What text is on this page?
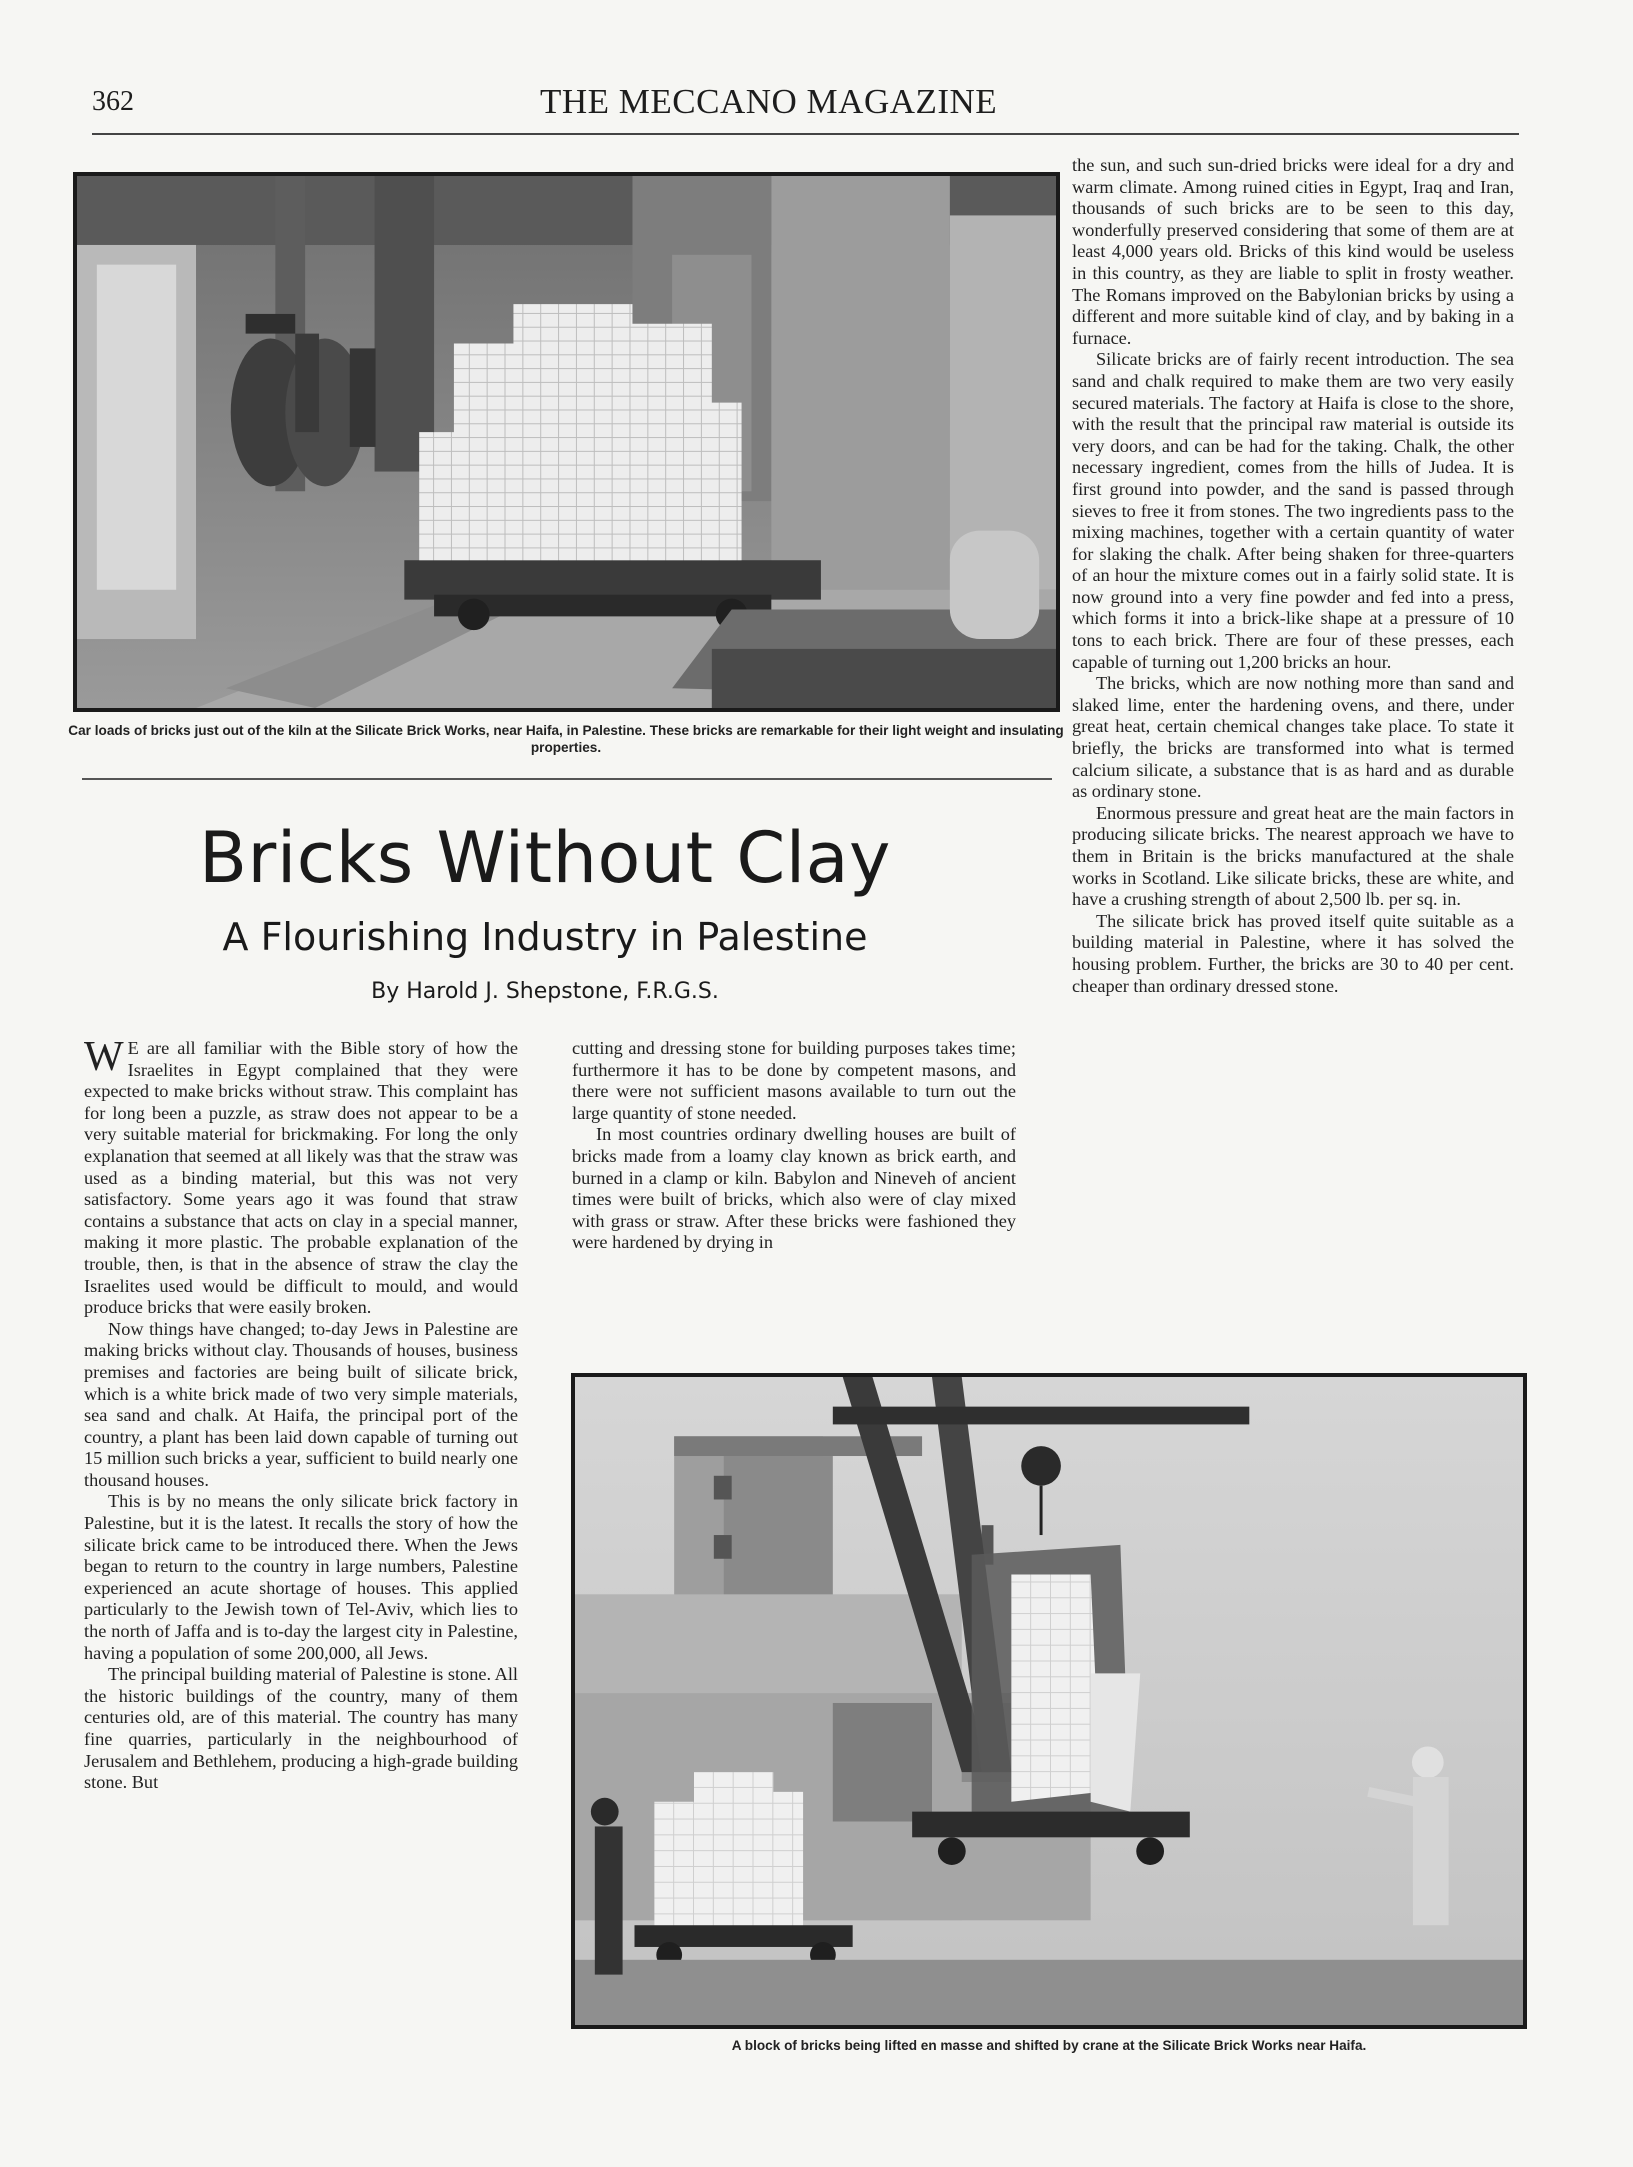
362	THE MECCANO MAGAZINE
Car loads of bricks just out of the kiln at the Silicate Brick Works, near Haifa, in Palestine. These bricks are remarkable for their light weight and insulating properties.
Bricks Without Clay
A Flourishing Industry in Palestine
By Harold J. Shepstone, F.R.G.S.

W E are all familiar with the Bible story of how the Israelites in Egypt complained that they were expected to make bricks without straw. This complaint has for long been a puzzle, as straw does not appear to be a very suitable material for brickmaking. For long the only explanation that seemed at all likely was that the straw was used as a binding material, but this was not very satisfactory. Some years ago it was found that straw contains a substance that acts on clay in a special manner, making it more plastic. The probable explanation of the trouble, then, is that in the absence of straw the clay the Israelites used would be difficult to mould, and would produce bricks that were easily broken.

Now things have changed; to-day Jews in Palestine are making bricks without clay. Thousands of houses, business premises and factories are being built of silicate brick, which is a white brick made of two very simple materials, sea sand and chalk. At Haifa, the principal port of the country, a plant has been laid down capable of turning out 15 million such bricks a year, sufficient to build nearly one thousand houses.

This is by no means the only silicate brick factory in Palestine, but it is the latest. It recalls the story of how the silicate brick came to be introduced there. When the Jews began to return to the country in large numbers, Palestine experienced an acute shortage of houses. This applied particularly to the Jewish town of Tel-Aviv, which lies to the north of Jaffa and is to-day the largest city in Palestine, having a population of some 200,000, all Jews.

The principal building material of Palestine is stone. All the historic buildings of the country, many of them centuries old, are of this material. The country has many fine quarries, particularly in the neighbourhood of Jerusalem and Bethlehem, producing a high-grade building stone. But

cutting and dressing stone for building purposes takes time; furthermore it has to be done by competent masons, and there were not sufficient masons available to turn out the large quantity of stone needed.

In most countries ordinary dwelling houses are built of bricks made from a loamy clay known as brick earth, and burned in a clamp or kiln. Babylon and Nineveh of ancient times were built of bricks, which also were of clay mixed with grass or straw. After these bricks were fashioned they were hardened by drying in

the sun, and such sun-dried bricks were ideal for a dry and warm climate. Among ruined cities in Egypt, Iraq and Iran, thousands of such bricks are to be seen to this day, wonderfully preserved considering that some of them are at least 4,000 years old. Bricks of this kind would be useless in this country, as they are liable to split in frosty weather. The Romans improved on the Babylonian bricks by using a different and more suitable kind of clay, and by baking in a furnace.

Silicate bricks are of fairly recent introduction. The sea sand and chalk required to make them are two very easily secured materials. The factory at Haifa is close to the shore, with the result that the principal raw material is outside its very doors, and can be had for the taking. Chalk, the other necessary ingredient, comes from the hills of Judea. It is first ground into powder, and the sand is passed through sieves to free it from stones. The two ingredients pass to the mixing machines, together with a certain quantity of water for slaking the chalk. After being shaken for three-quarters of an hour the mixture comes out in a fairly solid state. It is now ground into a very fine powder and fed into a press, which forms it into a brick-like shape at a pressure of 10 tons to each brick. There are four of these presses, each capable of turning out 1,200 bricks an hour.

The bricks, which are now nothing more than sand and slaked lime, enter the hardening ovens, and there, under great heat, certain chemical changes take place. To state it briefly, the bricks are transformed into what is termed calcium silicate, a substance that is as hard and as durable as ordinary stone.

Enormous pressure and great heat are the main factors in producing silicate bricks. The nearest approach we have to them in Britain is the bricks manufactured at the shale works in Scotland. Like silicate bricks, these are white, and have a crushing strength of about 2,500 lb. per sq. in.

The silicate brick has proved itself quite suitable as a building material in Palestine, where it has solved the housing problem. Further, the bricks are 30 to 40 per cent. cheaper than ordinary dressed stone.

A block of bricks being lifted en masse and shifted by crane at the Silicate Brick Works near Haifa.
